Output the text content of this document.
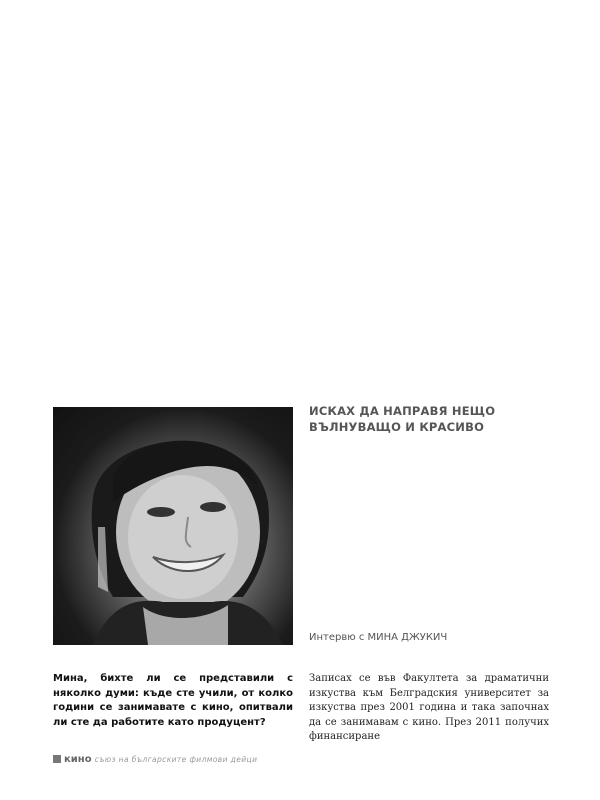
ИСКАХ ДА НАПРАВЯ НЕЩО ВЪЛНУВАЩО И КРАСИВО
Интервю с МИНА ДЖУКИЧ
Мина, бихте ли се представили с няколко думи: къде сте учили, от колко години се занимавате с кино, опитвали ли сте да работите като продуцент?
Записах се във Факултета за драматични изкуства към Белградския университет за изкуства през 2001 година и така започнах да се занимавам с кино. През 2011 получих финансиране
кино съюз на българските филмови дейци
